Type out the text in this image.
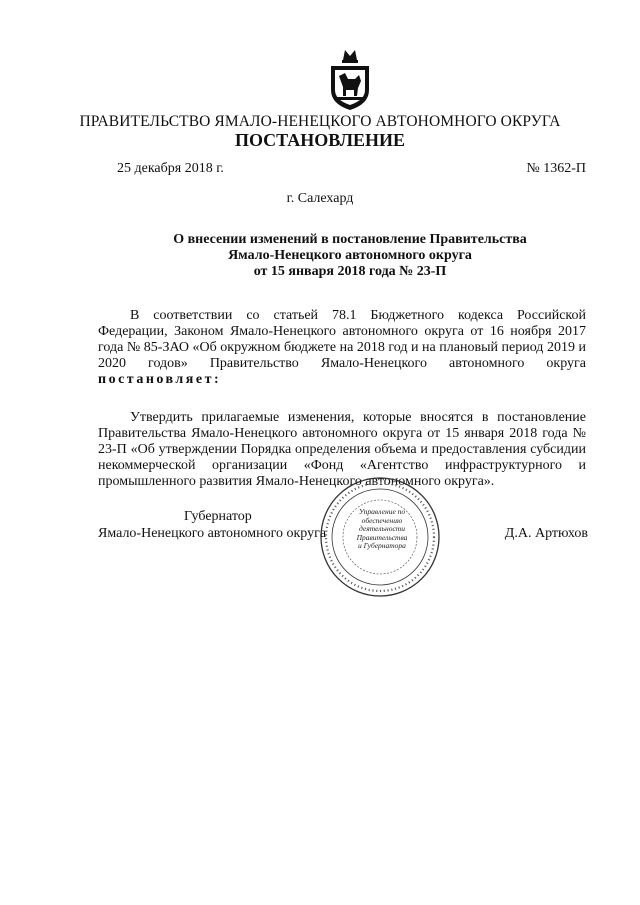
ПРАВИТЕЛЬСТВО ЯМАЛО-НЕНЕЦКОГО АВТОНОМНОГО ОКРУГА
ПОСТАНОВЛЕНИЕ
25 декабря 2018 г.	№ 1362-П
г. Салехард
О внесении изменений в постановление Правительства
Ямало-Ненецкого автономного округа
от 15 января 2018 года № 23-П

В соответствии со статьей 78.1 Бюджетного кодекса Российской Федерации, Законом Ямало-Ненецкого автономного округа от 16 ноября 2017 года № 85-ЗАО «Об окружном бюджете на 2018 год и на плановый период 2019 и 2020 годов» Правительство Ямало-Ненецкого автономного округа постановляет:

Утвердить прилагаемые изменения, которые вносятся в постановление Правительства Ямало-Ненецкого автономного округа от 15 января 2018 года № 23-П «Об утверждении Порядка определения объема и предоставления субсидии некоммерческой организации «Фонд «Агентство инфраструктурного и промышленного развития Ямало-Ненецкого автономного округа».

Управление по
обеспечению
деятельности
Правительства
и Губернатора
Губернатор
Ямало-Ненецкого автономного округа	Д.А. Артюхов
